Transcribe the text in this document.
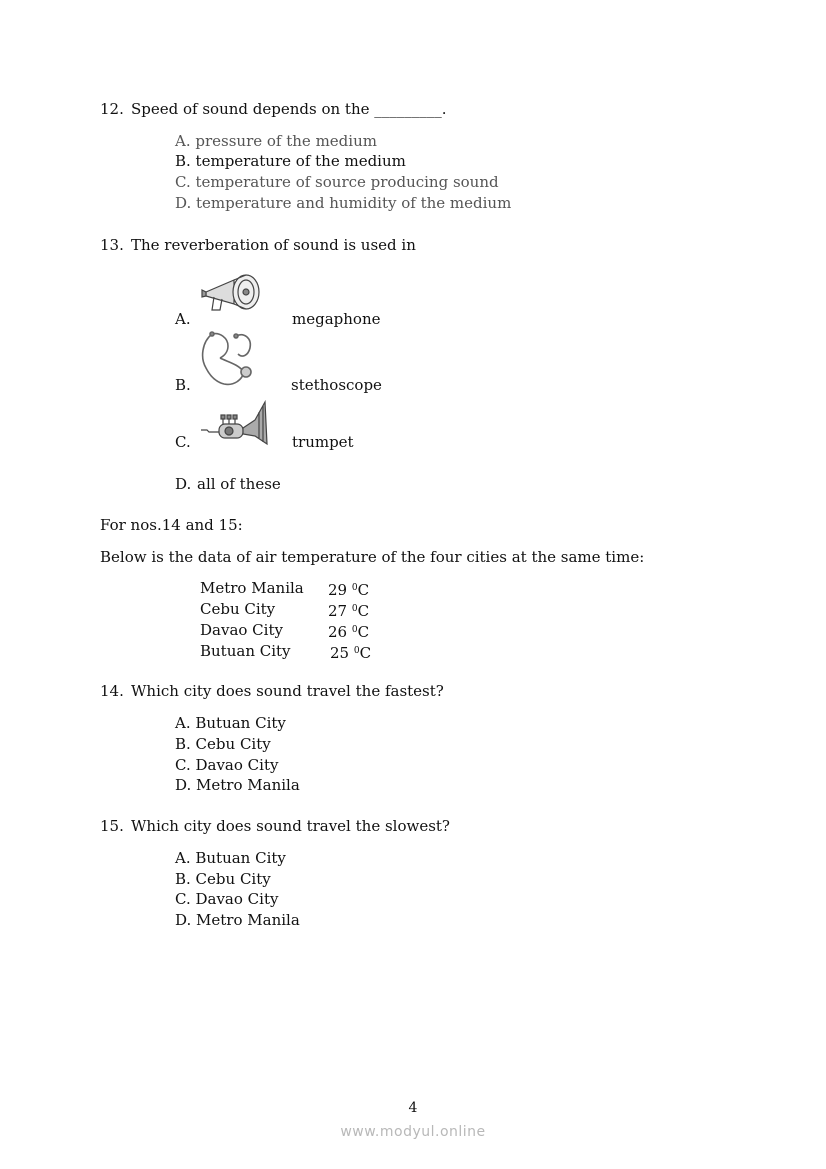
12. Speed of sound depends on the _________.
A. pressure of the medium
B. temperature of the medium
C. temperature of source producing sound
D. temperature and humidity of the medium
13. The reverberation of sound is used in
A.	megaphone
B.	stethoscope
C.	trumpet
D. all of these
For nos.14 and 15:
Below is the data of air temperature of the four cities at the same time:
Metro Manila 29 $^0$C
Cebu City	27 $^0$C
Davao City	26 $^0$C
Butuan City	25 $^0$C
14. Which city does sound travel the fastest?
A. Butuan City
B. Cebu City
C. Davao City
D. Metro Manila
15. Which city does sound travel the slowest?
A. Butuan City
B. Cebu City
C. Davao City
D. Metro Manila
4
www.modyul.online
